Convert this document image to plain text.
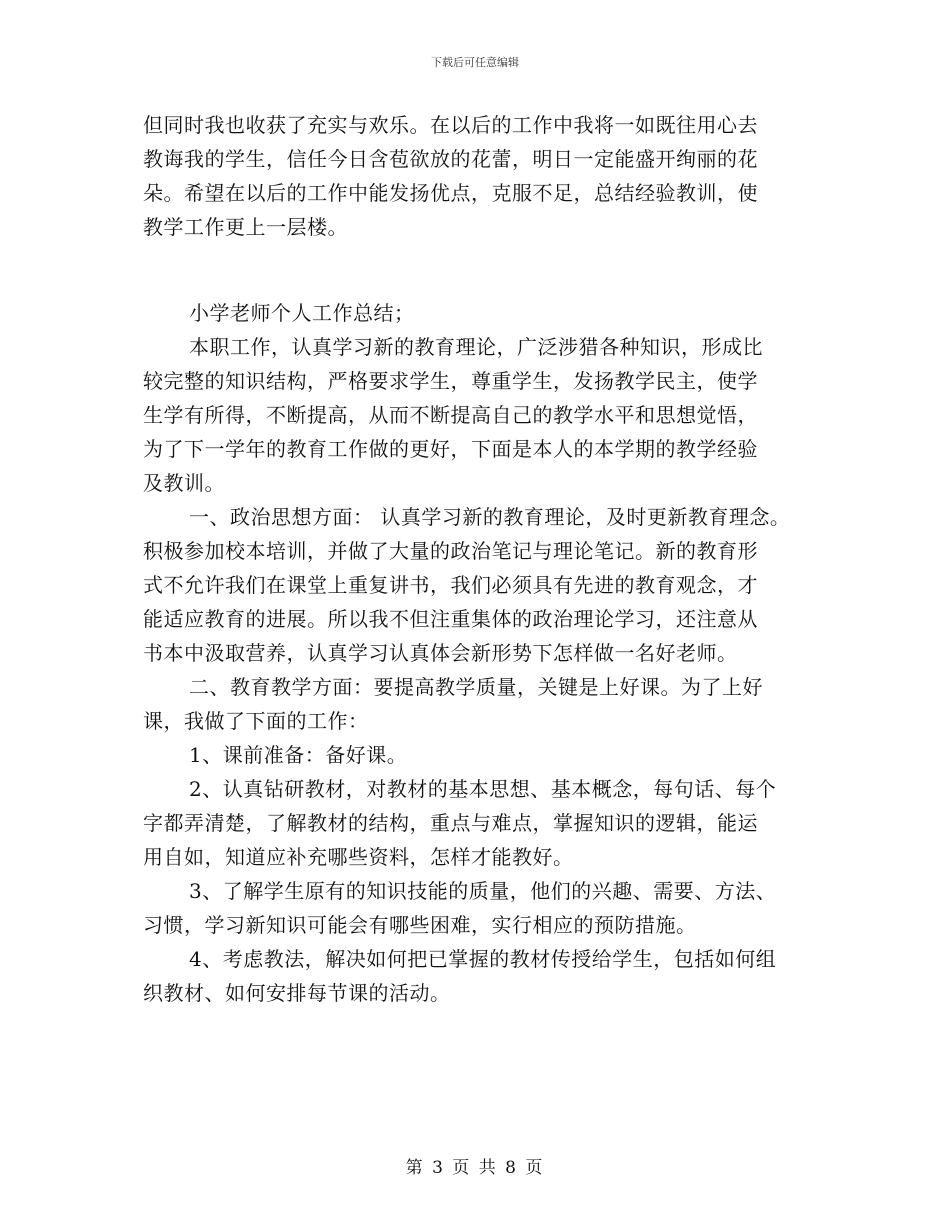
下载后可任意编辑
但同时我也收获了充实与欢乐。在以后的工作中我将一如既往用心去
教诲我的学生，信任今日含苞欲放的花蕾，明日一定能盛开绚丽的花
朵。希望在以后的工作中能发扬优点，克服不足，总结经验教训，使
教学工作更上一层楼。
小学老师个人工作总结；
本职工作，认真学习新的教育理论，广泛涉猎各种知识，形成比
较完整的知识结构，严格要求学生，尊重学生，发扬教学民主，使学
生学有所得，不断提高，从而不断提高自己的教学水平和思想觉悟，
为了下一学年的教育工作做的更好，下面是本人的本学期的教学经验
及教训。
一、政治思想方面： 认真学习新的教育理论，及时更新教育理念。
积极参加校本培训，并做了大量的政治笔记与理论笔记。新的教育形
式不允许我们在课堂上重复讲书，我们必须具有先进的教育观念，才
能适应教育的进展。所以我不但注重集体的政治理论学习，还注意从
书本中汲取营养，认真学习认真体会新形势下怎样做一名好老师。
二、教育教学方面：要提高教学质量，关键是上好课。为了上好
课，我做了下面的工作：
1、课前准备：备好课。
2、认真钻研教材，对教材的基本思想、基本概念，每句话、每个
字都弄清楚，了解教材的结构，重点与难点，掌握知识的逻辑，能运
用自如，知道应补充哪些资料，怎样才能教好。
3、了解学生原有的知识技能的质量，他们的兴趣、需要、方法、
习惯，学习新知识可能会有哪些困难，实行相应的预防措施。
4、考虑教法，解决如何把已掌握的教材传授给学生，包括如何组
织教材、如何安排每节课的活动。
第 3 页 共 8 页
